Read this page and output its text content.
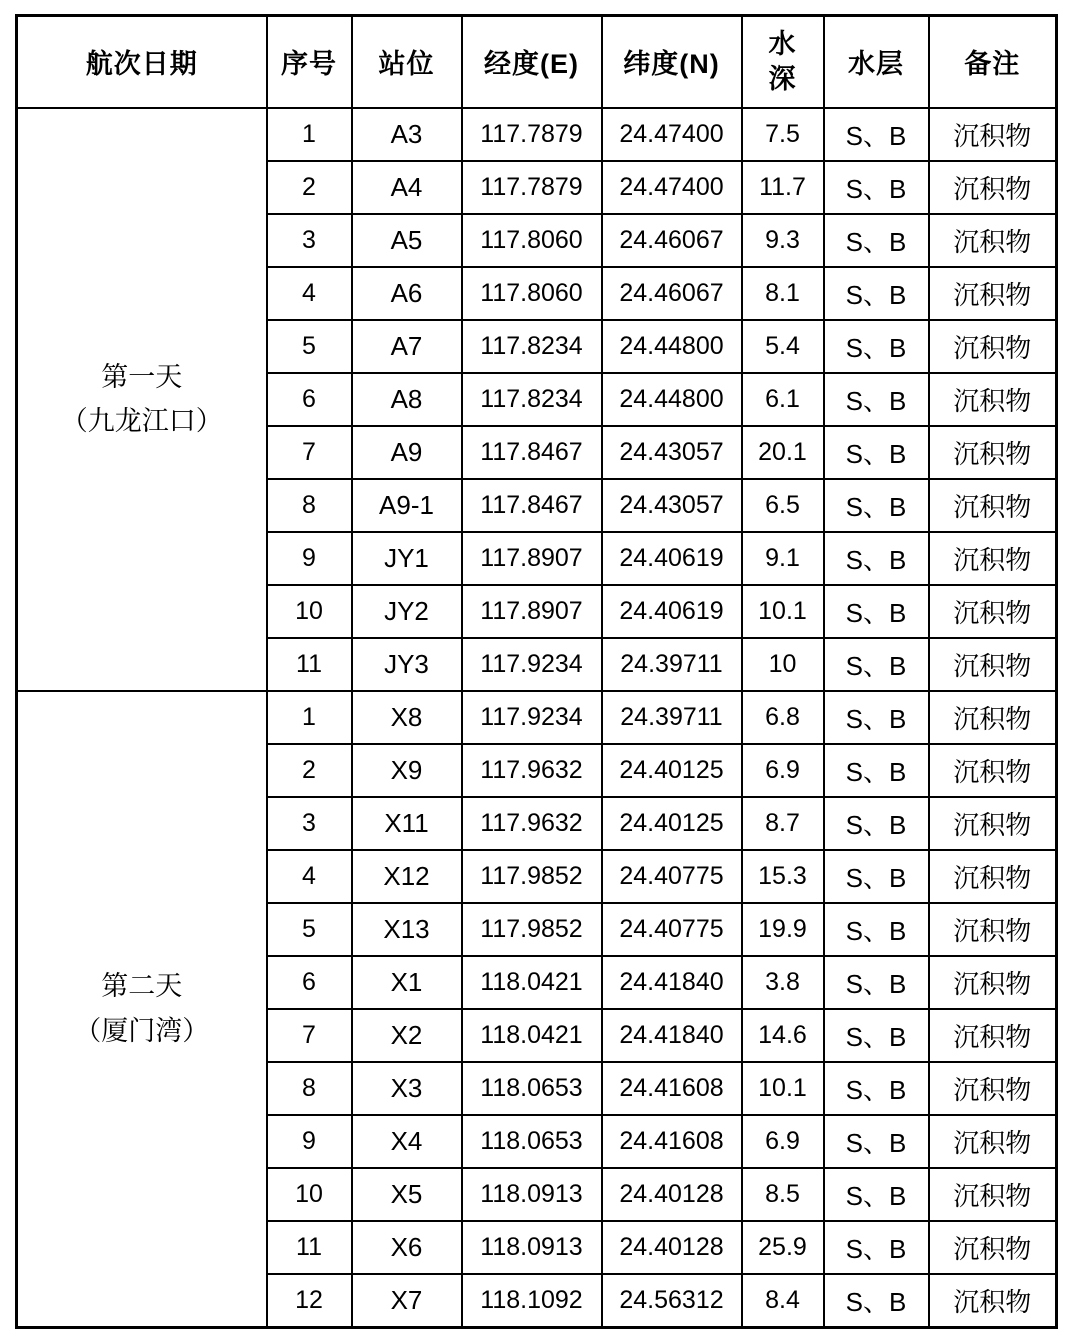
航次日期	序号	站位	经度(E)	纬度(N)	水深	水层	备注

第一天
（九龙江口）	1	A3	117.7879	24.47400	7.5	S、B	沉积物
	2	A4	117.7879	24.47400	11.7	S、B	沉积物
	3	A5	117.8060	24.46067	9.3	S、B	沉积物
	4	A6	117.8060	24.46067	8.1	S、B	沉积物
	5	A7	117.8234	24.44800	5.4	S、B	沉积物
	6	A8	117.8234	24.44800	6.1	S、B	沉积物
	7	A9	117.8467	24.43057	20.1	S、B	沉积物
	8	A9-1	117.8467	24.43057	6.5	S、B	沉积物
	9	JY1	117.8907	24.40619	9.1	S、B	沉积物
	10	JY2	117.8907	24.40619	10.1	S、B	沉积物
	11	JY3	117.9234	24.39711	10	S、B	沉积物

第二天
（厦门湾）	1	X8	117.9234	24.39711	6.8	S、B	沉积物
	2	X9	117.9632	24.40125	6.9	S、B	沉积物
	3	X11	117.9632	24.40125	8.7	S、B	沉积物
	4	X12	117.9852	24.40775	15.3	S、B	沉积物
	5	X13	117.9852	24.40775	19.9	S、B	沉积物
	6	X1	118.0421	24.41840	3.8	S、B	沉积物
	7	X2	118.0421	24.41840	14.6	S、B	沉积物
	8	X3	118.0653	24.41608	10.1	S、B	沉积物
	9	X4	118.0653	24.41608	6.9	S、B	沉积物
	10	X5	118.0913	24.40128	8.5	S、B	沉积物
	11	X6	118.0913	24.40128	25.9	S、B	沉积物
	12	X7	118.1092	24.56312	8.4	S、B	沉积物
